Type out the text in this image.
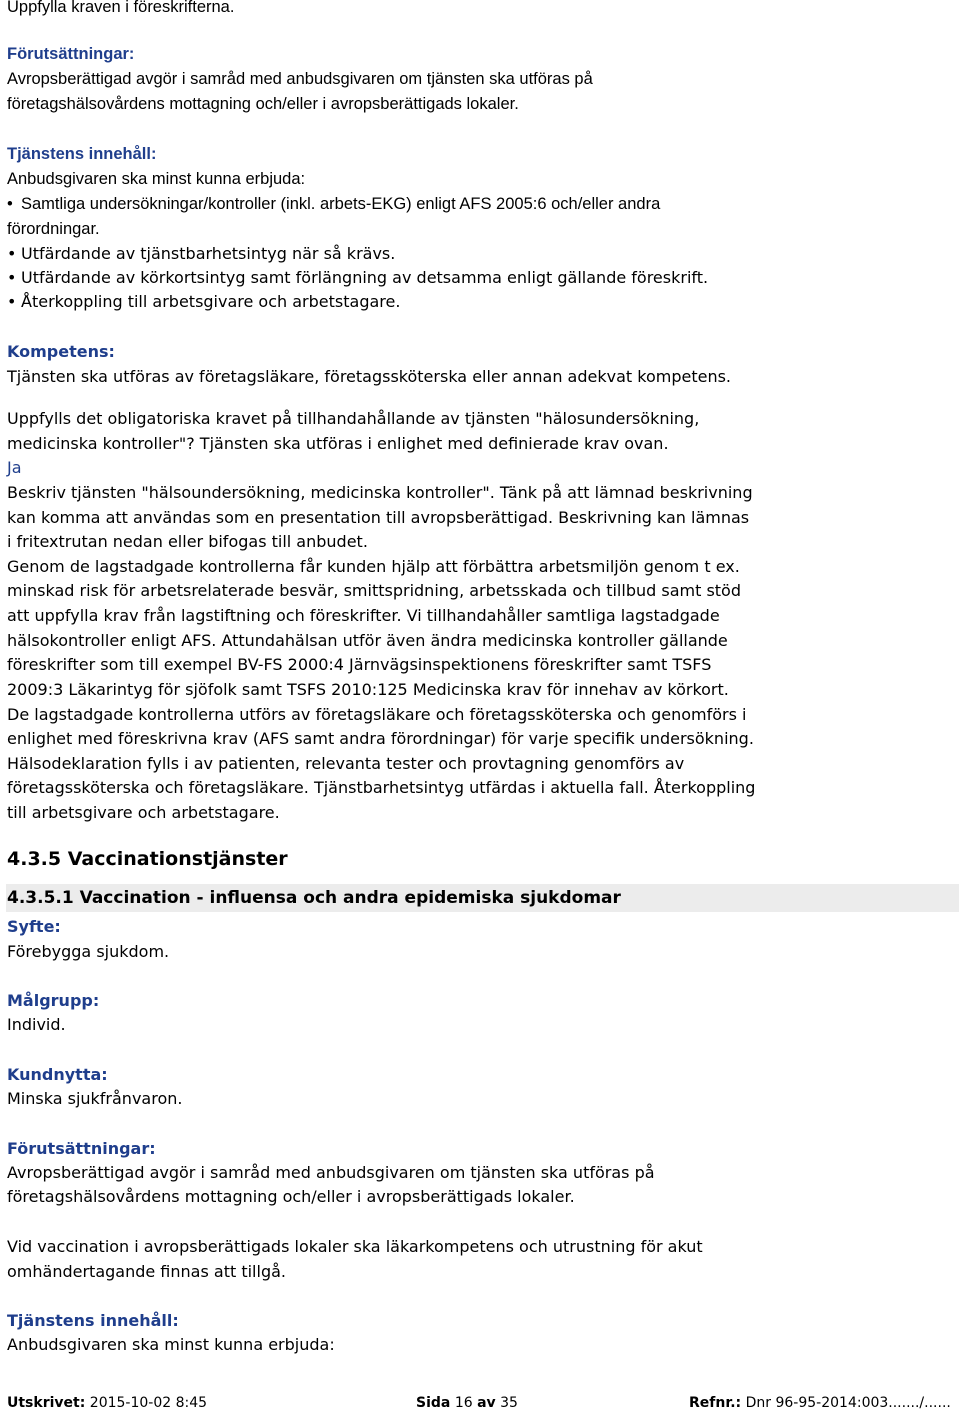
Uppfylla kraven i föreskrifterna.
Förutsättningar:
Avropsberättigad avgör i samråd med anbudsgivaren om tjänsten ska utföras på
företagshälsovårdens mottagning och/eller i avropsberättigads lokaler.
Tjänstens innehåll:
Anbudsgivaren ska minst kunna erbjuda:
• Samtliga undersökningar/kontroller (inkl. arbets-EKG) enligt AFS 2005:6 och/eller andra
förordningar.
• Utfärdande av tjänstbarhetsintyg när så krävs.
• Utfärdande av körkortsintyg samt förlängning av detsamma enligt gällande föreskrift.
• Återkoppling till arbetsgivare och arbetstagare.
Kompetens:
Tjänsten ska utföras av företagsläkare, företagssköterska eller annan adekvat kompetens.
Uppfylls det obligatoriska kravet på tillhandahållande av tjänsten "hälosundersökning,
medicinska kontroller"? Tjänsten ska utföras i enlighet med definierade krav ovan.
Ja
Beskriv tjänsten "hälsoundersökning, medicinska kontroller". Tänk på att lämnad beskrivning
kan komma att användas som en presentation till avropsberättigad. Beskrivning kan lämnas
i fritextrutan nedan eller bifogas till anbudet.
Genom de lagstadgade kontrollerna får kunden hjälp att förbättra arbetsmiljön genom t ex.
minskad risk för arbetsrelaterade besvär, smittspridning, arbetsskada och tillbud samt stöd
att uppfylla krav från lagstiftning och föreskrifter. Vi tillhandahåller samtliga lagstadgade
hälsokontroller enligt AFS. Attundahälsan utför även ändra medicinska kontroller gällande
föreskrifter som till exempel BV-FS 2000:4 Järnvägsinspektionens föreskrifter samt TSFS
2009:3 Läkarintyg för sjöfolk samt TSFS 2010:125 Medicinska krav för innehav av körkort.
De lagstadgade kontrollerna utförs av företagsläkare och företagssköterska och genomförs i
enlighet med föreskrivna krav (AFS samt andra förordningar) för varje specifik undersökning.
Hälsodeklaration fylls i av patienten, relevanta tester och provtagning genomförs av
företagssköterska och företagsläkare. Tjänstbarhetsintyg utfärdas i aktuella fall. Återkoppling
till arbetsgivare och arbetstagare.
4.3.5 Vaccinationstjänster
4.3.5.1 Vaccination - influensa och andra epidemiska sjukdomar
Syfte:
Förebygga sjukdom.
Målgrupp:
Individ.
Kundnytta:
Minska sjukfrånvaron.
Förutsättningar:
Avropsberättigad avgör i samråd med anbudsgivaren om tjänsten ska utföras på
företagshälsovårdens mottagning och/eller i avropsberättigads lokaler.
Vid vaccination i avropsberättigads lokaler ska läkarkompetens och utrustning för akut
omhändertagande finnas att tillgå.
Tjänstens innehåll:
Anbudsgivaren ska minst kunna erbjuda:
Utskrivet: 2015-10-02 8:45	Sida 16 av 35	Refnr.: Dnr 96-95-2014:003......./......
